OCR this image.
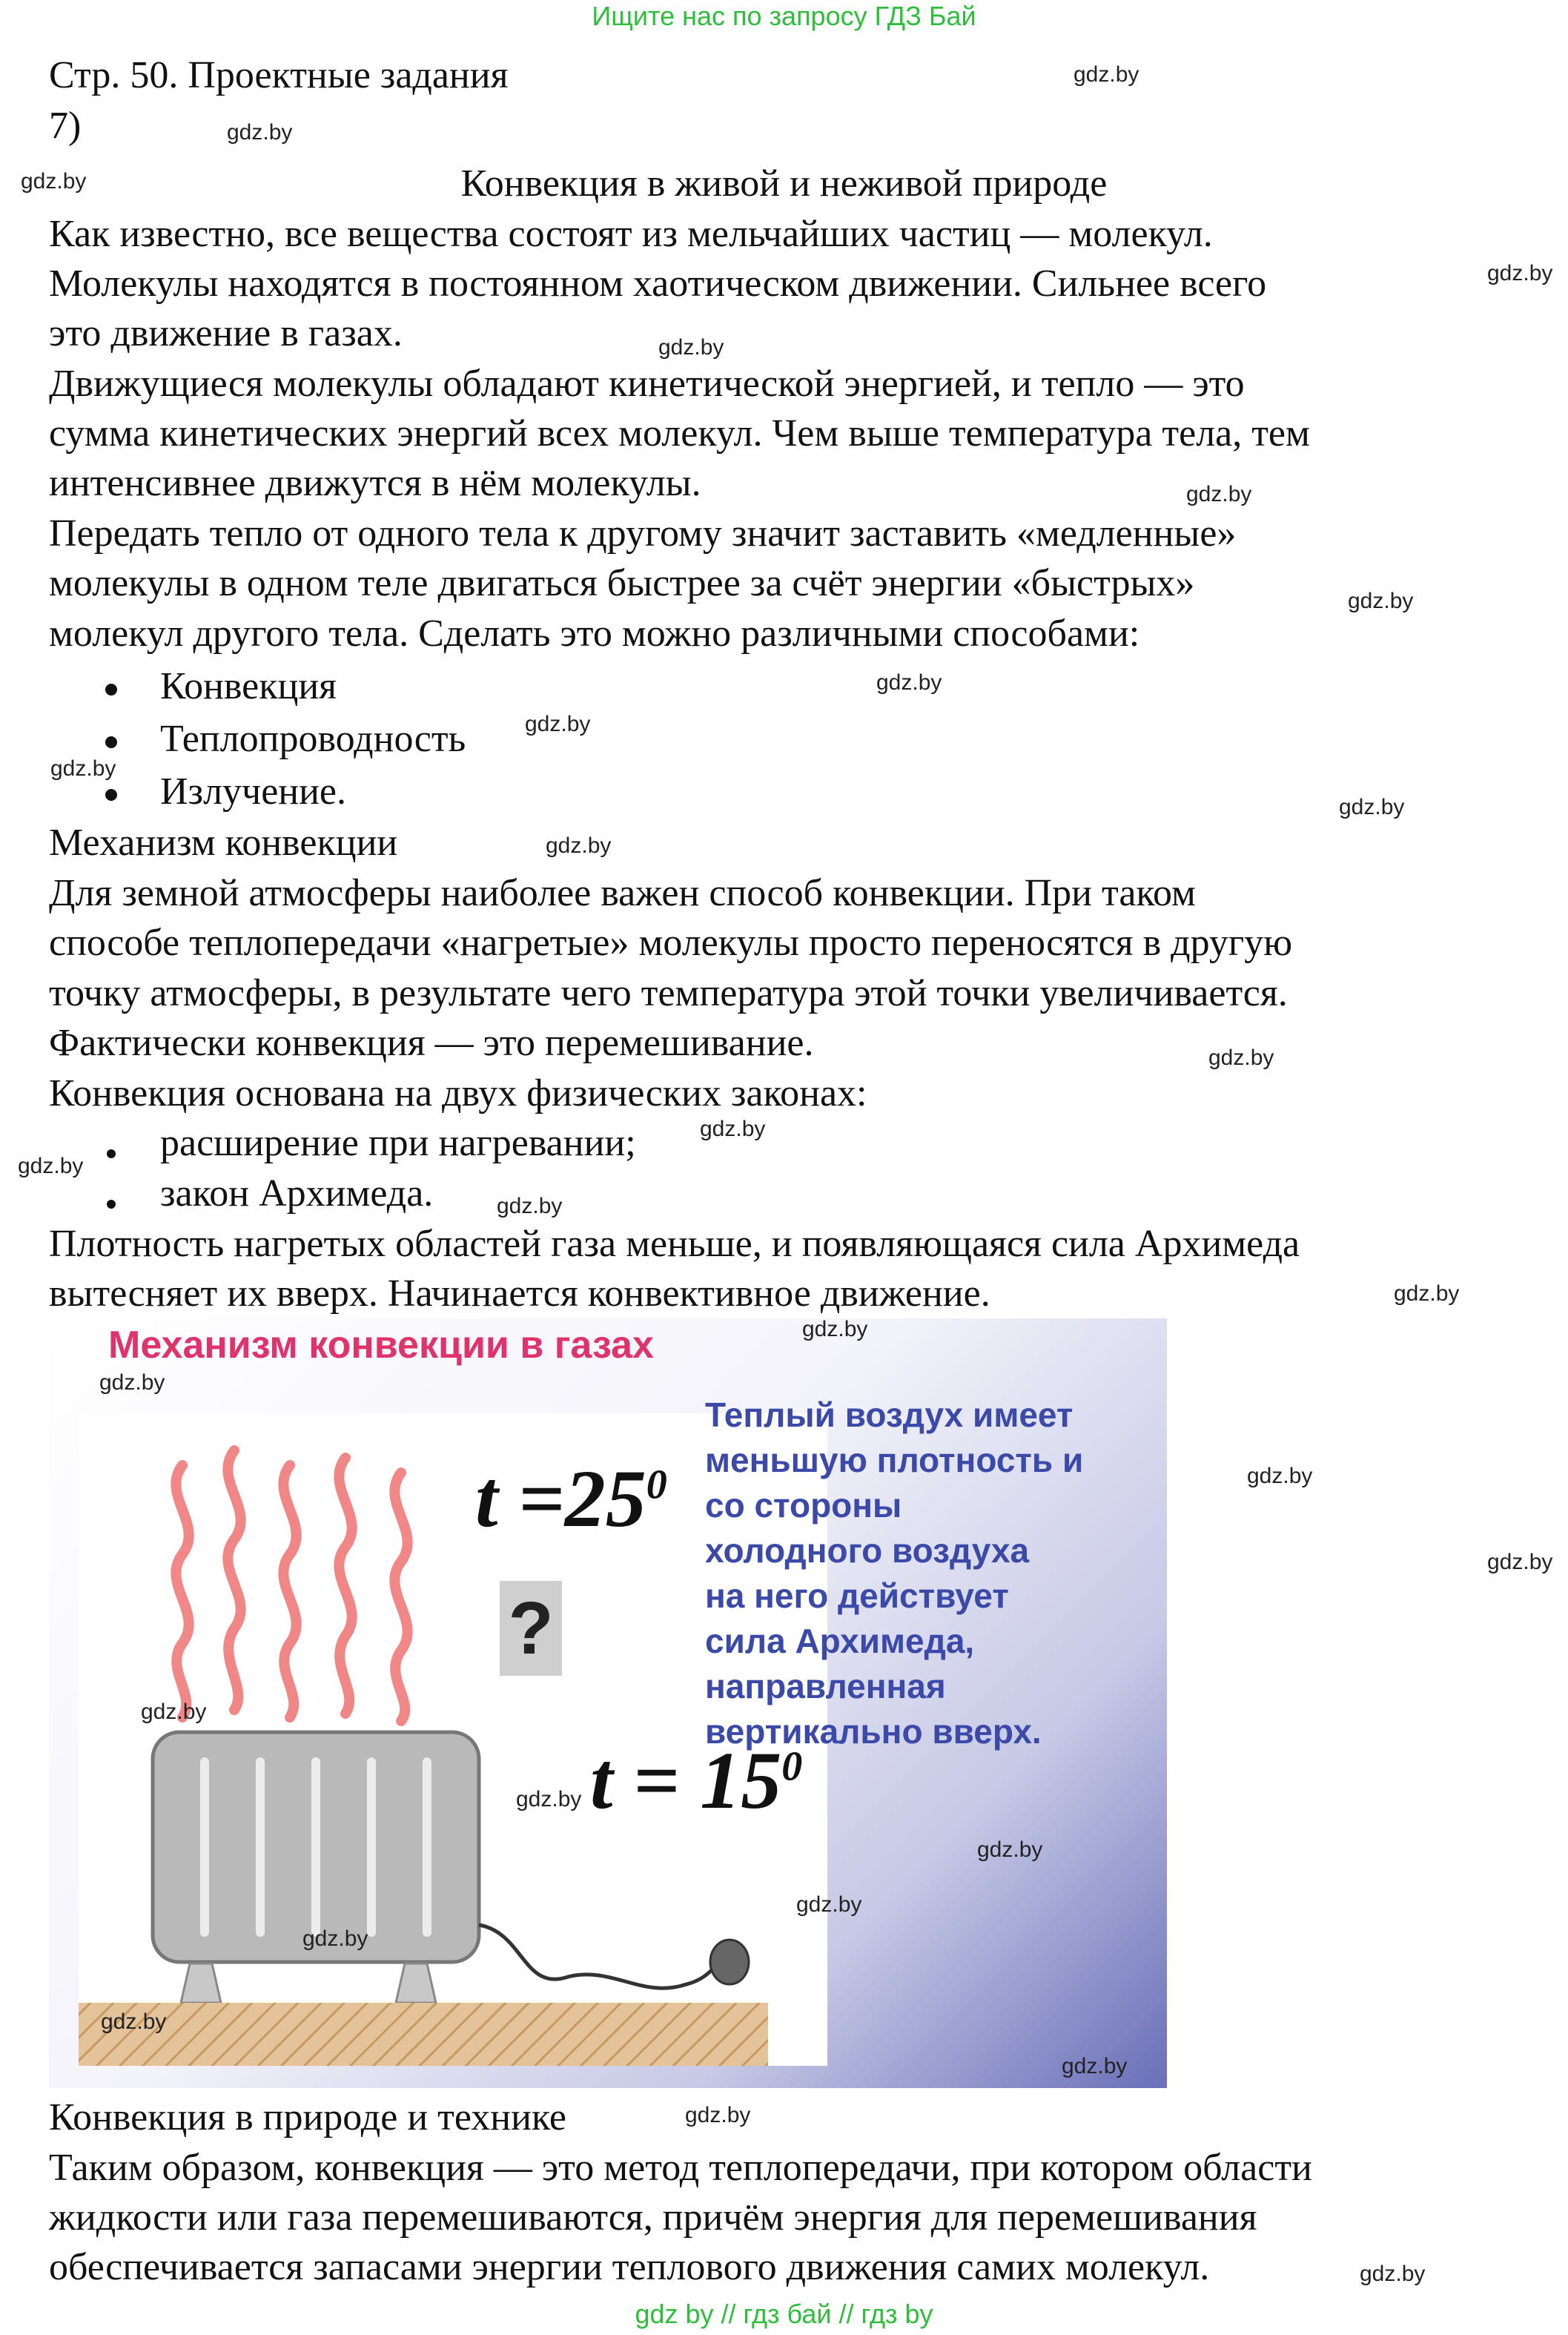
Ищите нас по запросу ГДЗ Бай
Стр. 50. Проектные задания
7)
Конвекция в живой и неживой природе
Как известно, все вещества состоят из мельчайших частиц — молекул.
Молекулы находятся в постоянном хаотическом движении. Сильнее всего
это движение в газах.
Движущиеся молекулы обладают кинетической энергией, и тепло — это
сумма кинетических энергий всех молекул. Чем выше температура тела, тем
интенсивнее движутся в нём молекулы.
Передать тепло от одного тела к другому значит заставить «медленные»
молекулы в одном теле двигаться быстрее за счёт энергии «быстрых»
молекул другого тела. Сделать это можно различными способами:
Конвекция
Теплопроводность
Излучение.
Механизм конвекции
Для земной атмосферы наиболее важен способ конвекции. При таком
способе теплопередачи «нагретые» молекулы просто переносятся в другую
точку атмосферы, в результате чего температура этой точки увеличивается.
Фактически конвекция — это перемешивание.
Конвекция основана на двух физических законах:
расширение при нагревании;
закон Архимеда.
Плотность нагретых областей газа меньше, и появляющаяся сила Архимеда
вытесняет их вверх. Начинается конвективное движение.
Механизм конвекции в газах
$t =25^0$
?
$t = 15^0$
Теплый воздух имеет
меньшую плотность и
со стороны
холодного воздуха
на него действует
сила Архимеда,
направленная
вертикально вверх.
Конвекция в природе и технике
Таким образом, конвекция — это метод теплопередачи, при котором области
жидкости или газа перемешиваются, причём энергия для перемешивания
обеспечивается запасами энергии теплового движения самих молекул.
gdz.by
gdz.by
gdz.by
gdz.by
gdz.by
gdz.by
gdz.by
gdz.by
gdz.by
gdz.by
gdz.by
gdz.by
gdz.by
gdz.by
gdz.by
gdz.by
gdz.by
gdz.by
gdz.by
gdz.by
gdz.by
gdz.by
gdz.by
gdz.by
gdz.by
gdz.by
gdz.by
gdz.by
gdz.by
gdz.by
gdz by // гдз бай // гдз by
